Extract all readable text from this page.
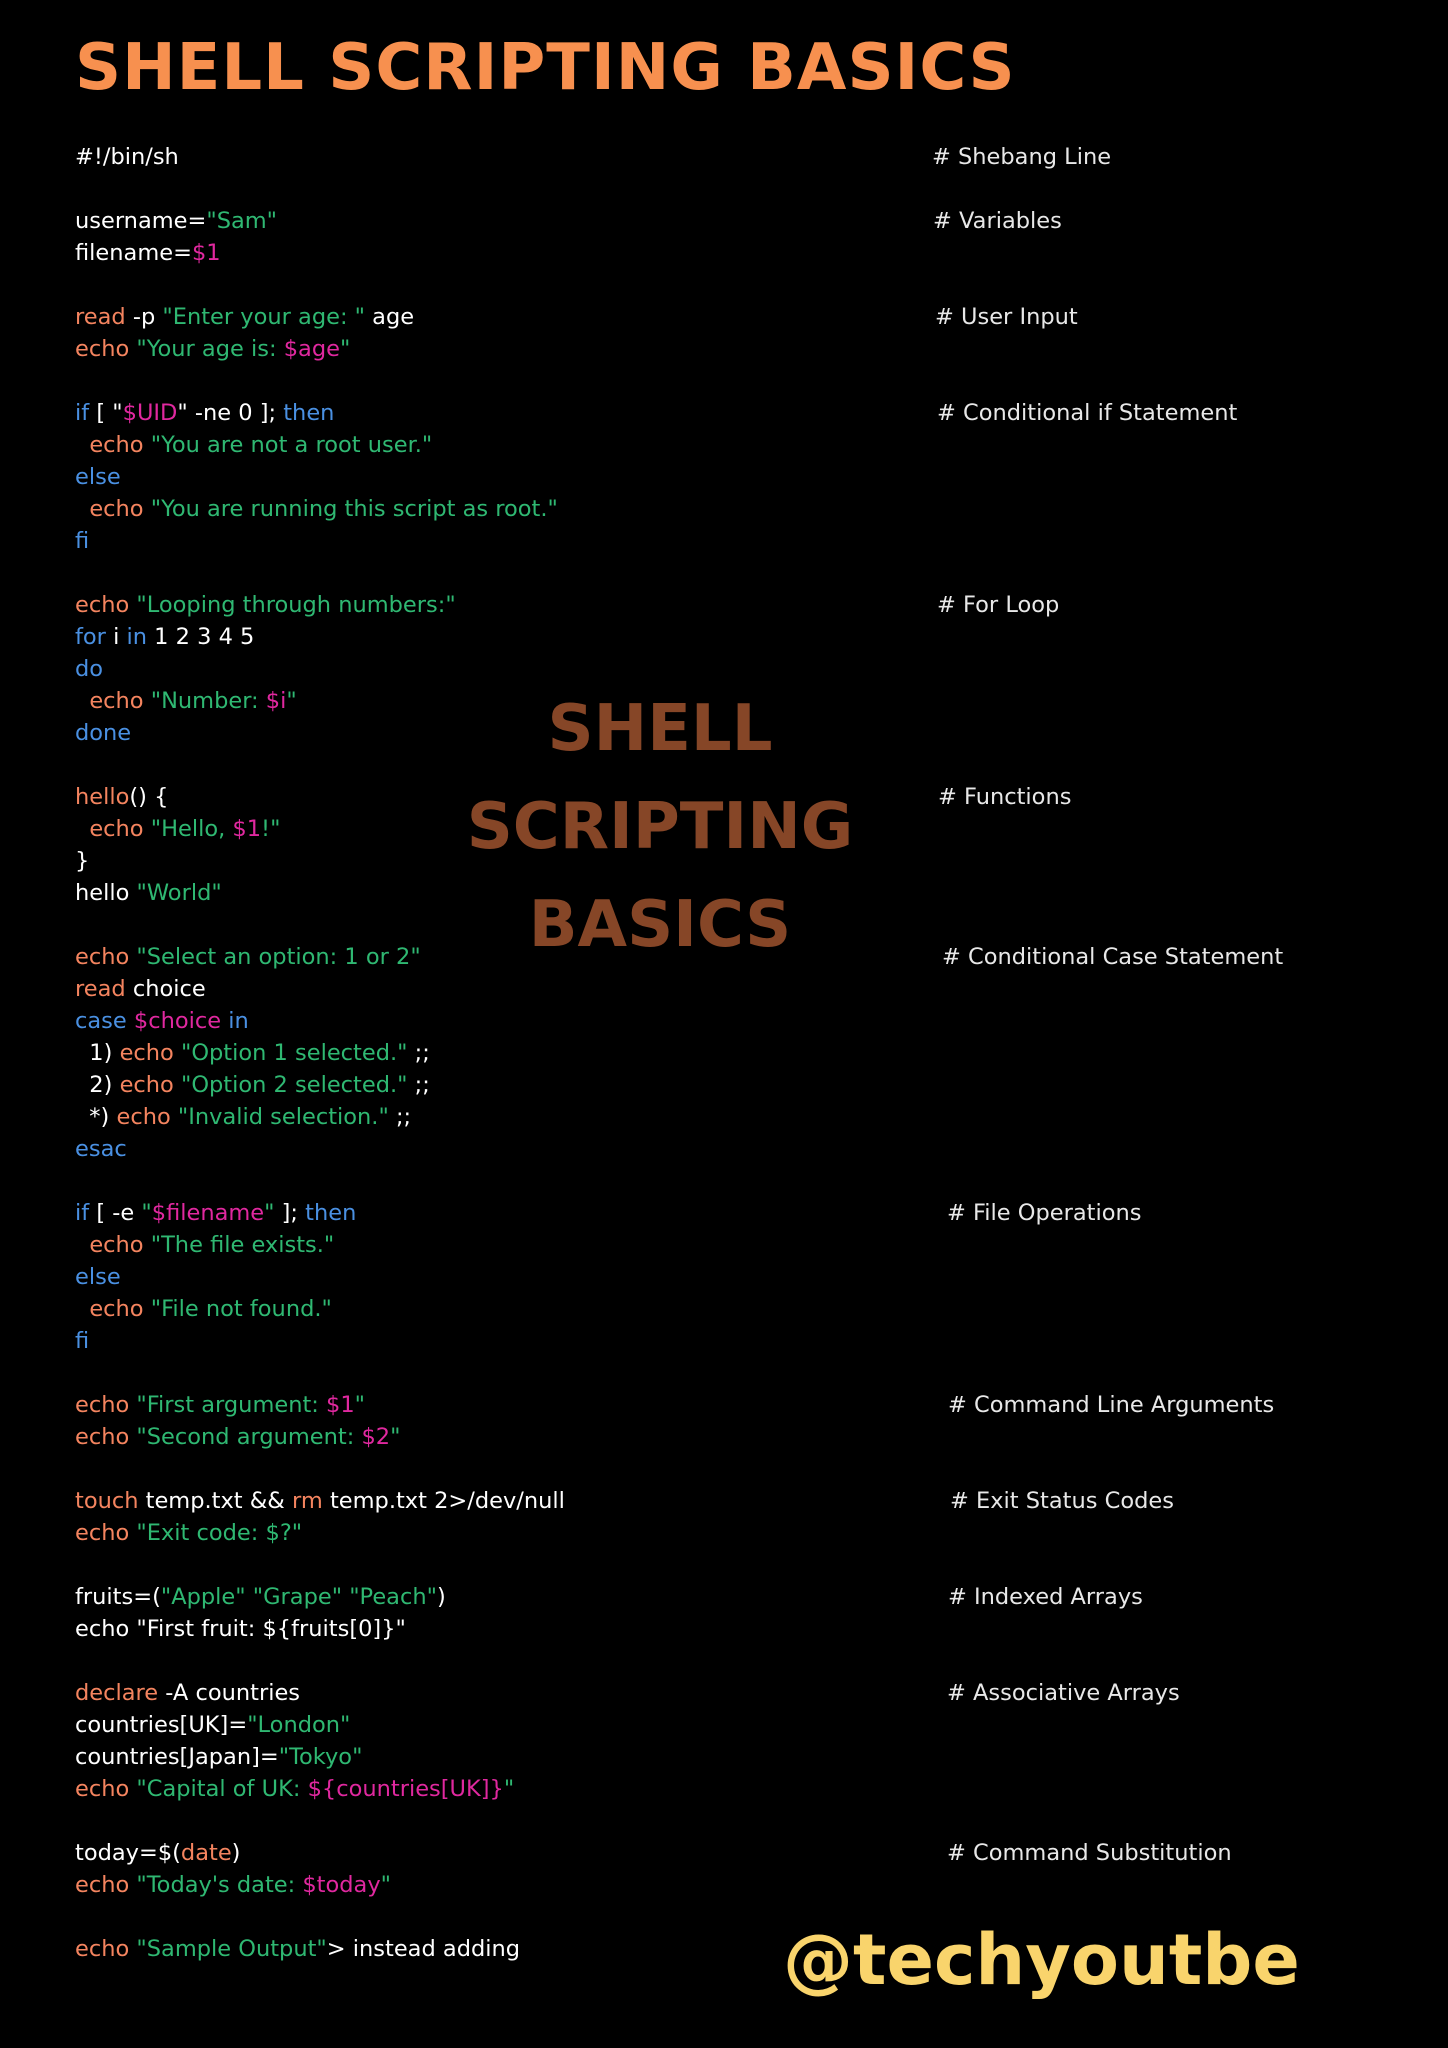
SHELL SCRIPTING BASICS
#!/bin/sh	# Shebang Line
username="Sam"	# Variables
filename=$1
read -p "Enter your age: " age	# User Input
echo "Your age is: $age"
if [ "$UID" -ne 0 ]; then	# Conditional if Statement
echo "You are not a root user."
else
echo "You are running this script as root."
fi
echo "Looping through numbers:"	# For Loop
for i in 1 2 3 4 5
do
echo "Number: $i"
done
hello() {	# Functions
echo "Hello, $1!"
}
hello "World"
echo "Select an option: 1 or 2"	# Conditional Case Statement
read choice
case $choice in
1) echo "Option 1 selected." ;;
2) echo "Option 2 selected." ;;
*) echo "Invalid selection." ;;
esac
if [ -e "$filename" ]; then	# File Operations
echo "The file exists."
else
echo "File not found."
fi
echo "First argument: $1"	# Command Line Arguments
echo "Second argument: $2"
touch temp.txt && rm temp.txt 2>/dev/null	# Exit Status Codes
echo "Exit code: $?"
fruits=("Apple" "Grape" "Peach")	# Indexed Arrays
echo "First fruit: ${fruits[0]}"
declare -A countries	# Associative Arrays
countries[UK]="London"
countries[Japan]="Tokyo"
echo "Capital of UK: ${countries[UK]}"
today=$(date)	# Command Substitution
echo "Today's date: $today"
echo "Sample Output"> instead adding
SHELL
SCRIPTING
BASICS
@techyoutbe
